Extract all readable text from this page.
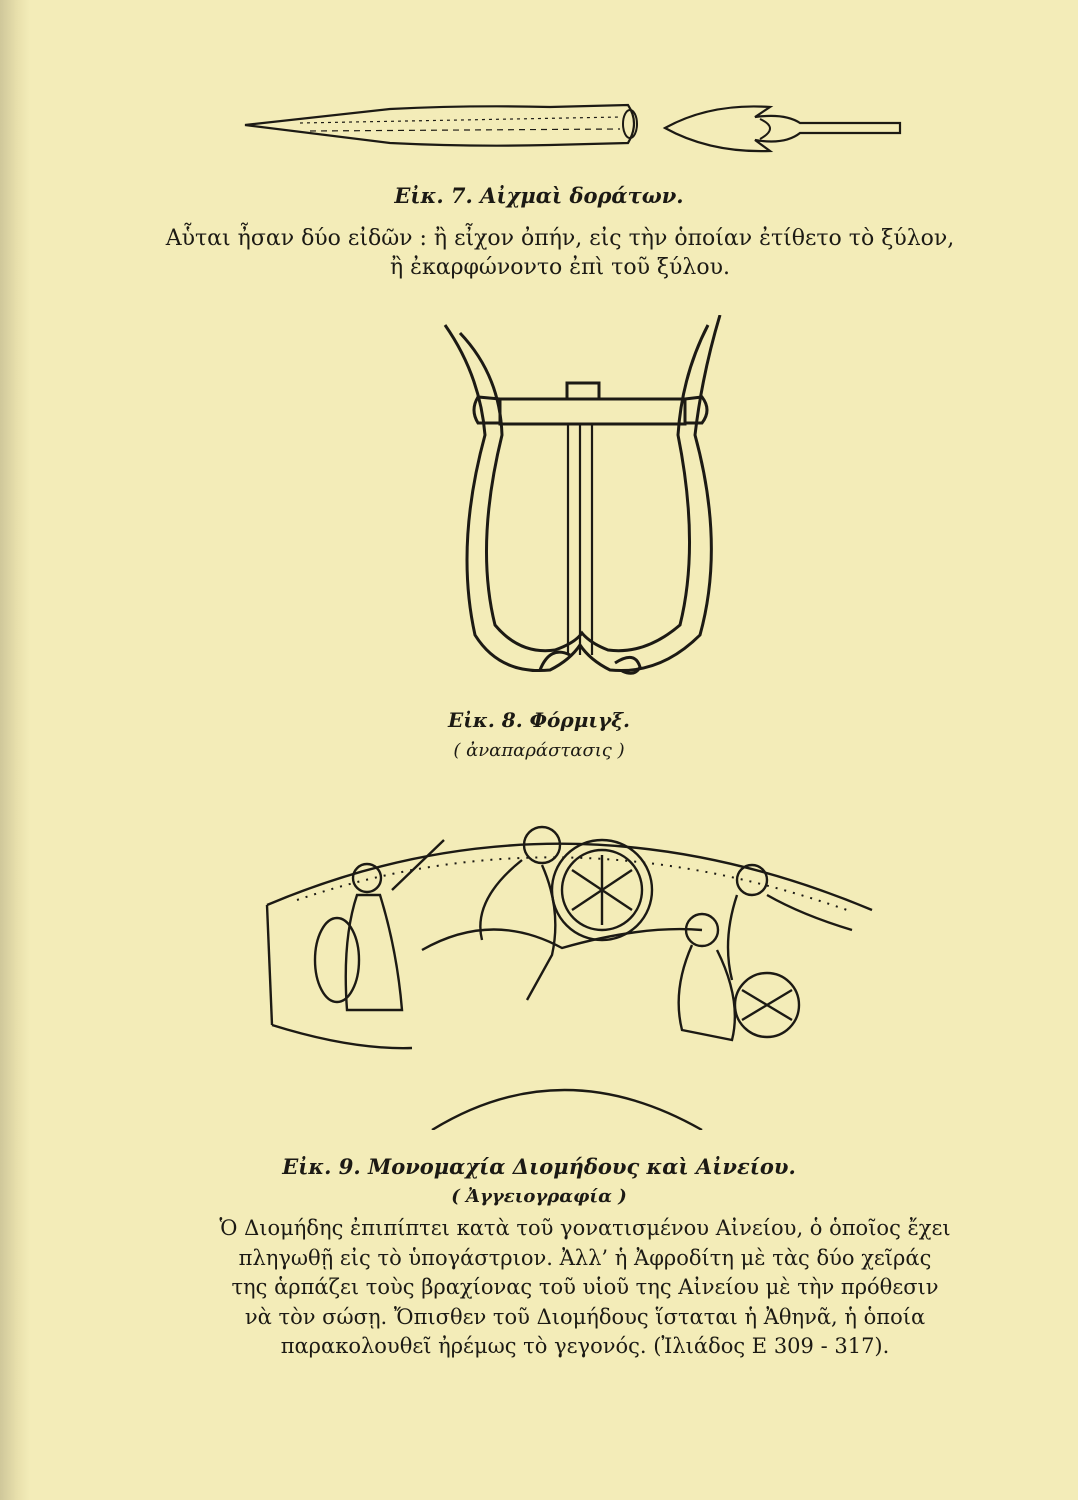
Εἰκ. 7. Αἰχμαὶ δοράτων.
Αὗται ἦσαν δύο εἰδῶν : ἢ εἶχον ὀπήν, εἰς τὴν ὁποίαν ἐτίθετο τὸ ξύλον,
ἢ ἐκαρφώνοντο ἐπὶ τοῦ ξύλου.
Εἰκ. 8. Φόρμιγξ.
( ἀναπαράστασις )
Εἰκ. 9. Μονομαχία Διομήδους καὶ Αἰνείου.
( Ἀγγειογραφία )
Ὁ Διομήδης ἐπιπίπτει κατὰ τοῦ γονατισμένου Αἰνείου, ὁ ὁποῖος ἔχει
πληγωθῇ εἰς τὸ ὑπογάστριον. Ἀλλ’ ἡ Ἀφροδίτη μὲ τὰς δύο χεῖράς
της ἁρπάζει τοὺς βραχίονας τοῦ υἱοῦ της Αἰνείου μὲ τὴν πρόθεσιν
νὰ τὸν σώσῃ. Ὄπισθεν τοῦ Διομήδους ἵσταται ἡ Ἀθηνᾶ, ἡ ὁποία
παρακολουθεῖ ἠρέμως τὸ γεγονός. (Ἰλιάδος Ε 309 - 317).
